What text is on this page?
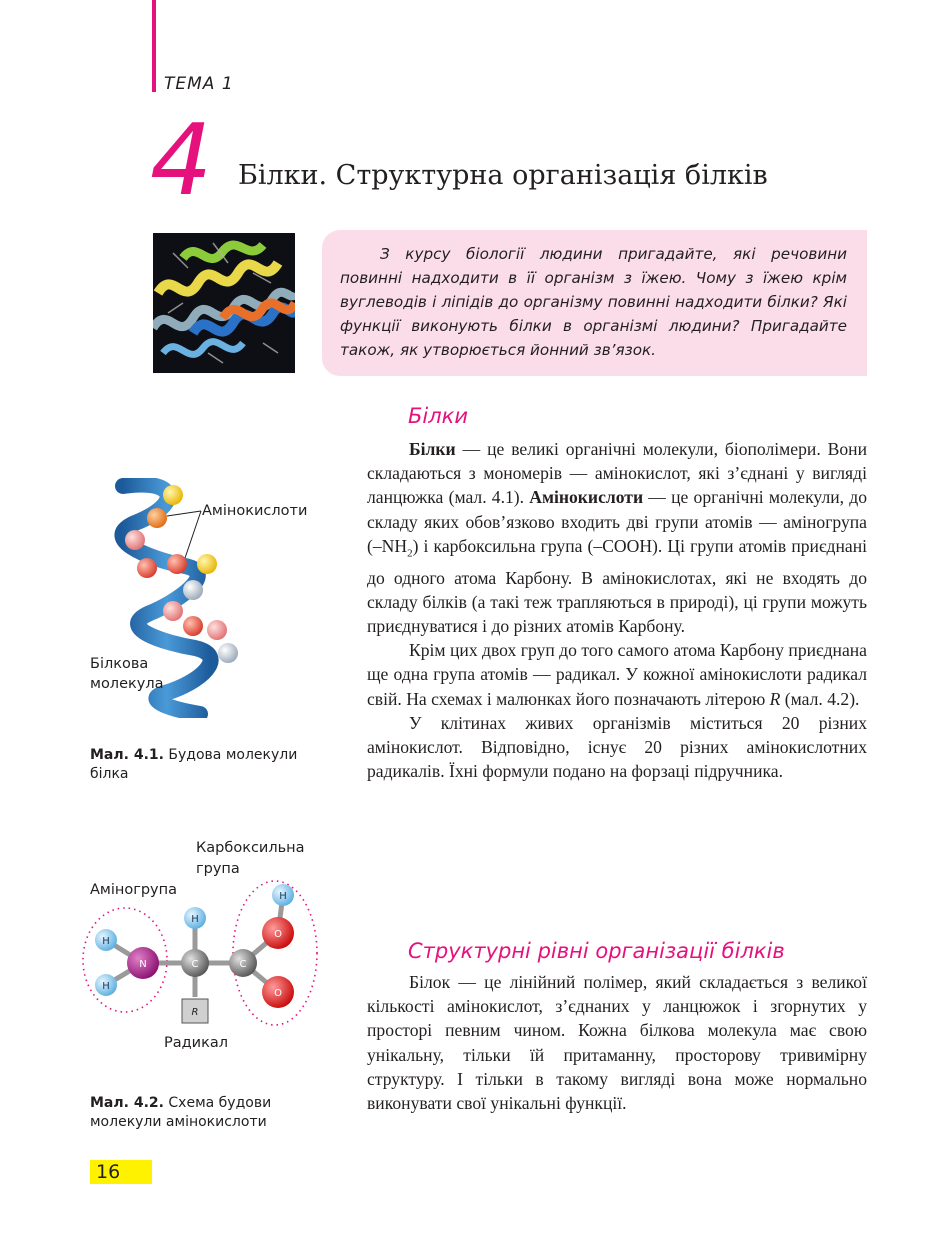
ТЕМА 1
4 Білки. Структурна організація білків

З курсу біології людини пригадайте, які речовини повинні надходити в її організм з їжею. Чому з їжею крім вуглеводів і ліпідів до організму повинні надходити білки? Які функції виконують білки в організмі людини? Пригадайте також, як утворюється йонний зв’язок.

Білки

Білки — це великі органічні молекули, біополімери. Вони складаються з мономерів — амінокислот, які з’єднані у вигляді ланцюжка (мал. 4.1). Амінокислоти — це органічні молекули, до складу яких обов’язково входить дві групи атомів — аміногрупа $(-NH_2)$ і карбоксильна група (–СООН). Ці групи атомів приєднані до одного атома Карбону. В амінокислотах, які не входять до складу білків (а такі теж трапляються в природі), ці групи можуть приєднуватися і до різних атомів Карбону.

Крім цих двох груп до того самого атома Карбону приєднана ще одна група атомів — радикал. У кожної амінокислоти радикал свій. На схемах і малюнках його позначають літерою R (мал. 4.2).

У клітинах живих організмів міститься 20 різних амінокислот. Відповідно, існує 20 різних амінокислотних радикалів. Їхні формули подано на форзаці підручника.

Структурні рівні організації білків

Білок — це лінійний полімер, який складається з великої кількості амінокислот, з’єднаних у ланцюжок і згорнутих у просторі певним чином. Кожна білкова молекула має свою унікальну, тільки їй притаманну, просторову тривимірну структуру. І тільки в такому вигляді вона може нормально виконувати свої унікальні функції.

Амінокислоти
Білкова молекула
Мал. 4.1. Будова молекули білка
Карбоксильна група
Аміногрупа
H
H
H
H
N	C	C
O
O
R
Радикал
Мал. 4.2. Схема будови молекули амінокислоти
16
